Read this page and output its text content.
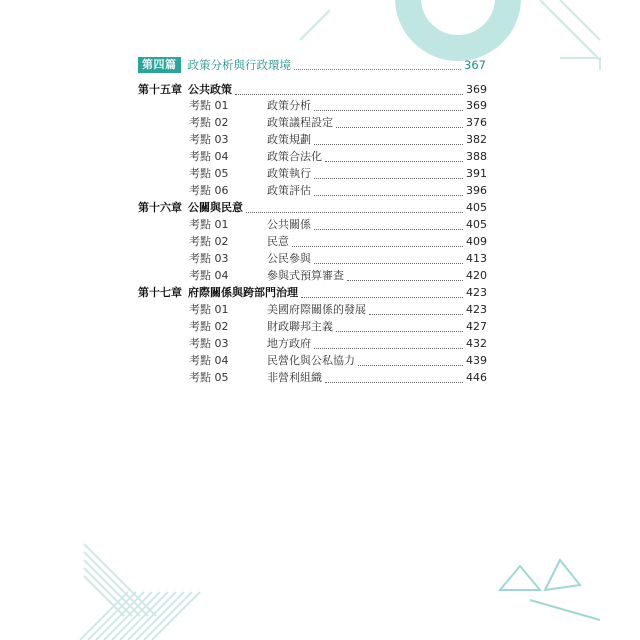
第四篇 政策分析與行政環境	367
第十五章 公共政策	369
考點 01	政策分析	369
考點 02	政策議程設定	376
考點 03	政策規劃	382
考點 04	政策合法化	388
考點 05	政策執行	391
考點 06	政策評估	396
第十六章 公關與民意	405
考點 01	公共關係	405
考點 02	民意	409
考點 03	公民參與	413
考點 04	參與式預算審查	420
第十七章 府際關係與跨部門治理	423
考點 01	美國府際關係的發展	423
考點 02	財政聯邦主義	427
考點 03	地方政府	432
考點 04	民營化與公私協力	439
考點 05	非營利組織	446
